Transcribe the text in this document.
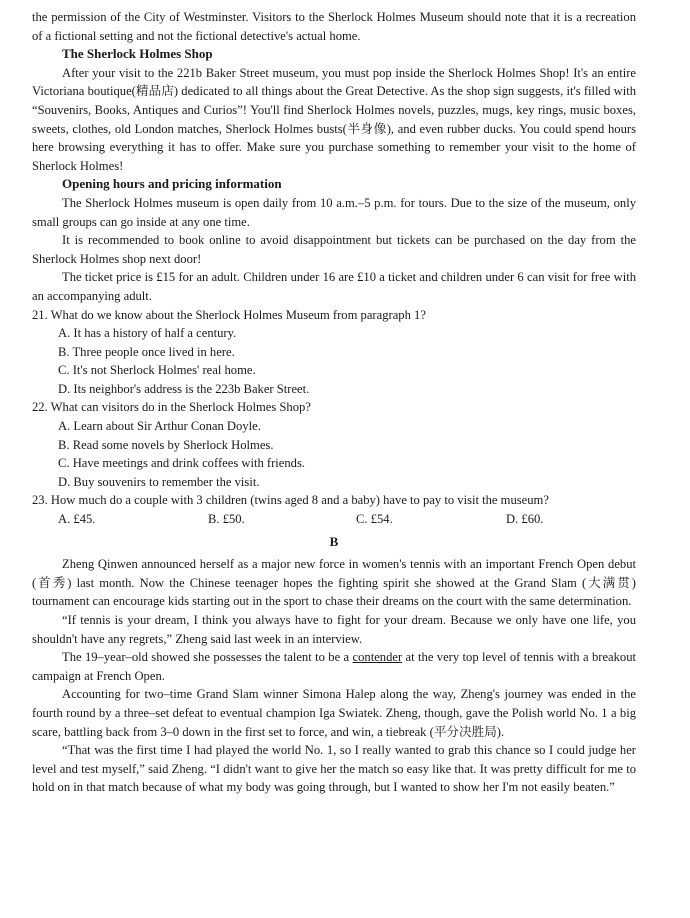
the permission of the City of Westminster. Visitors to the Sherlock Holmes Museum should note that it is a recreation of a fictional setting and not the fictional detective's actual home.

The Sherlock Holmes Shop

After your visit to the 221b Baker Street museum, you must pop inside the Sherlock Holmes Shop! It's an entire Victoriana boutique(精品店) dedicated to all things about the Great Detective. As the shop sign suggests, it's filled with “Souvenirs, Books, Antiques and Curios”! You'll find Sherlock Holmes novels, puzzles, mugs, key rings, music boxes, sweets, clothes, old London matches, Sherlock Holmes busts(半身像), and even rubber ducks. You could spend hours here browsing everything it has to offer. Make sure you purchase something to remember your visit to the home of Sherlock Holmes!

Opening hours and pricing information

The Sherlock Holmes museum is open daily from 10 a.m.–5 p.m. for tours. Due to the size of the museum, only small groups can go inside at any one time.

It is recommended to book online to avoid disappointment but tickets can be purchased on the day from the Sherlock Holmes shop next door!

The ticket price is £15 for an adult. Children under 16 are £10 a ticket and children under 6 can visit for free with an accompanying adult.

21. What do we know about the Sherlock Holmes Museum from paragraph 1?

A. It has a history of half a century.

B. Three people once lived in here.

C. It's not Sherlock Holmes' real home.

D. Its neighbor's address is the 223b Baker Street.

22. What can visitors do in the Sherlock Holmes Shop?

A. Learn about Sir Arthur Conan Doyle.

B. Read some novels by Sherlock Holmes.

C. Have meetings and drink coffees with friends.

D. Buy souvenirs to remember the visit.

23. How much do a couple with 3 children (twins aged 8 and a baby) have to pay to visit the museum?

A. £45.	B. £50.	C. £54.	D. £60.

B

Zheng Qinwen announced herself as a major new force in women's tennis with an important French Open debut (首秀) last month. Now the Chinese teenager hopes the fighting spirit she showed at the Grand Slam (大满贯) tournament can encourage kids starting out in the sport to chase their dreams on the court with the same determination.

“If tennis is your dream, I think you always have to fight for your dream. Because we only have one life, you shouldn't have any regrets,” Zheng said last week in an interview.

The 19–year–old showed she possesses the talent to be a contender at the very top level of tennis with a breakout campaign at French Open.

Accounting for two–time Grand Slam winner Simona Halep along the way, Zheng's journey was ended in the fourth round by a three–set defeat to eventual champion Iga Swiatek. Zheng, though, gave the Polish world No. 1 a big scare, battling back from 3–0 down in the first set to force, and win, a tiebreak (平分决胜局).

“That was the first time I had played the world No. 1, so I really wanted to grab this chance so I could judge her level and test myself,” said Zheng. “I didn't want to give her the match so easy like that. It was pretty difficult for me to hold on in that match because of what my body was going through, but I wanted to show her I'm not easily beaten.”
